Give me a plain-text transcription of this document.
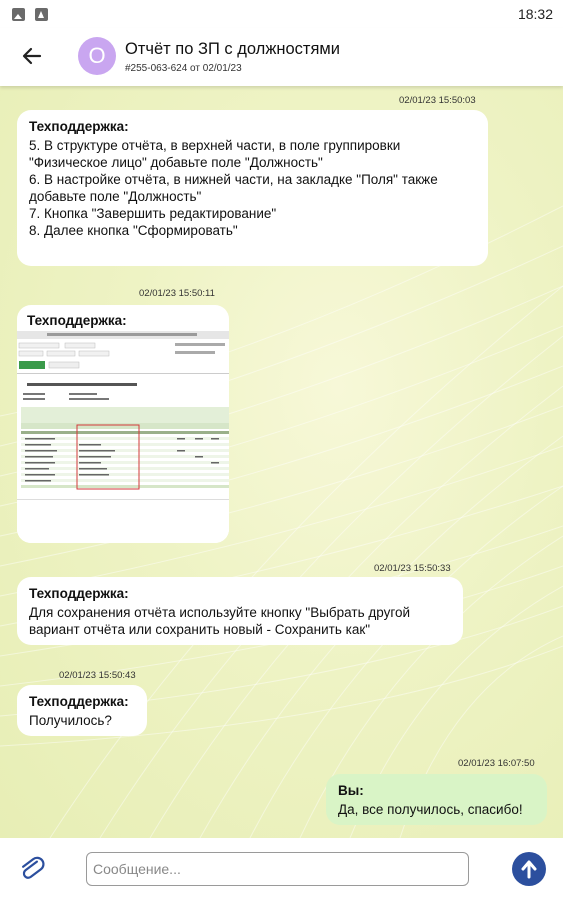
18:32
О	Отчёт по ЗП с должностями
#255-063-624 от 02/01/23
02/01/23 15:50:03
Техподдержка:
5. В структуре отчёта, в верхней части, в поле группировки
"Физическое лицо" добавьте поле "Должность"
6. В настройке отчёта, в нижней части, на закладке "Поля" также
добавьте поле "Должность"
7. Кнопка "Завершить редактирование"
8. Далее кнопка "Сформировать"
02/01/23 15:50:11
Техподдержка:
02/01/23 15:50:33
Техподдержка:
Для сохранения отчёта используйте кнопку "Выбрать другой
вариант отчёта или сохранить новый - Сохранить как"
02/01/23 15:50:43
Техподдержка:
Получилось?
02/01/23 16:07:50
Вы:
Да, все получилось, спасибо!
Сообщение...
